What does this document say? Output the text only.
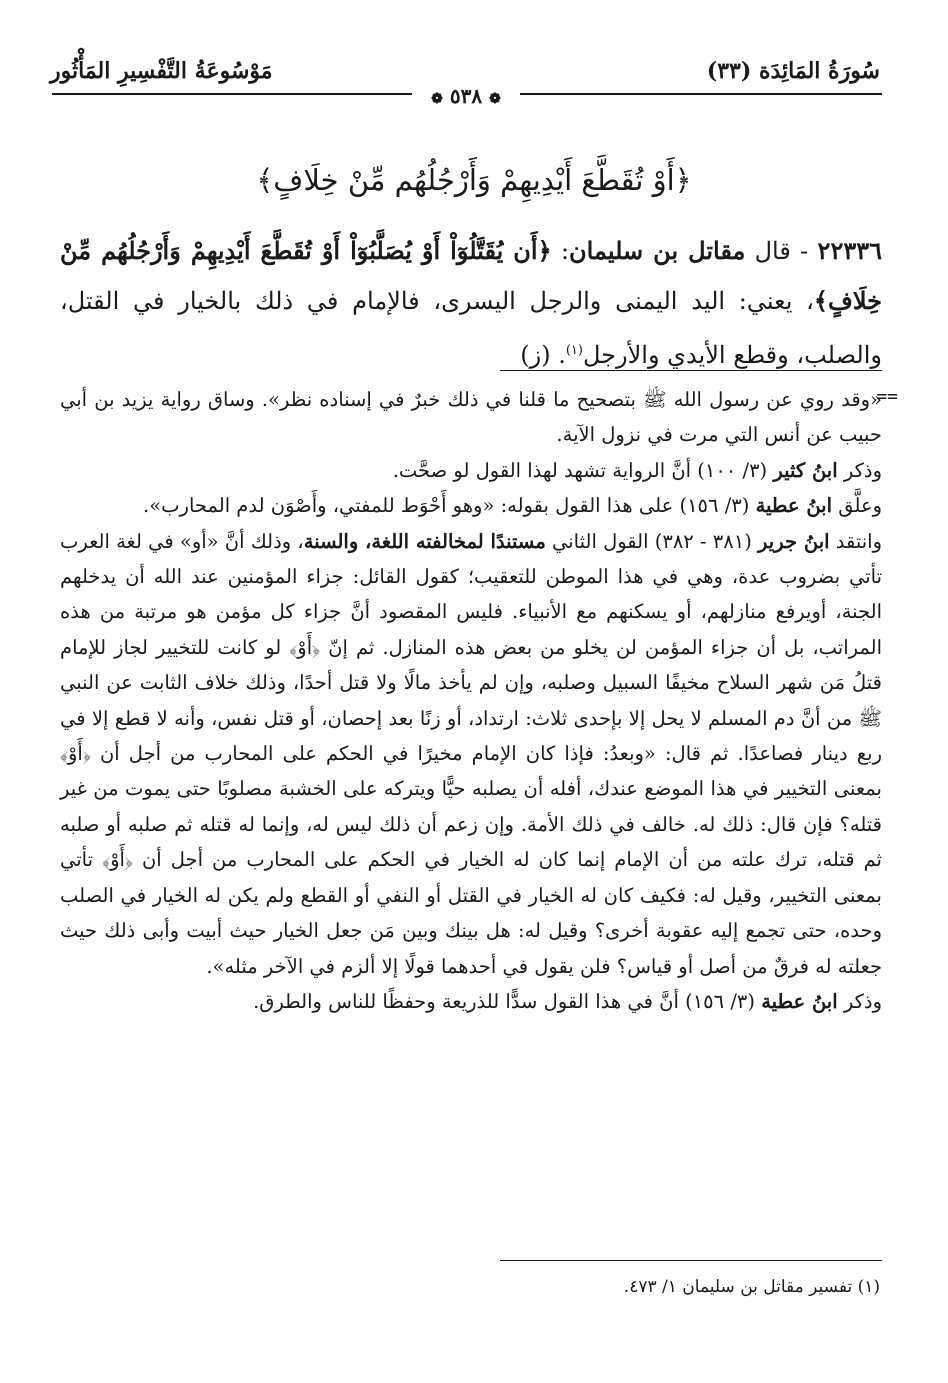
سُورَةُ المَائِدَة (٣٣)
مَوْسُوعَةُ التَّفْسِيرِ المَأْثُور
❁ ٥٣٨ ❁
﴿أَوْ تُقَطَّعَ أَيْدِيهِمْ وَأَرْجُلُهُم مِّنْ خِلَافٍ﴾
٢٢٣٣٦ - قال مقاتل بن سليمان: ﴿أَن يُقَتَّلُوٓاْ أَوْ يُصَلَّبُوٓاْ أَوْ تُقَطَّعَ أَيْدِيهِمْ وَأَرْجُلُهُم مِّنْ خِلَافٍ﴾، يعني: اليد اليمنى والرجل اليسرى، فالإمام في ذلك بالخيار في القتل، والصلب، وقطع الأيدي والأرجل$^{(١)}$. (ز)
==

«وقد روي عن رسول الله ﷺ بتصحيح ما قلنا في ذلك خبرٌ في إسناده نظر». وساق رواية يزيد بن أبي حبيب عن أنس التي مرت في نزول الآية.

وذكر ابنُ كثير (٣/ ١٠٠) أنَّ الرواية تشهد لهذا القول لو صحَّت.

وعلَّق ابنُ عطية (٣/ ١٥٦) على هذا القول بقوله: «وهو أَحْوَط للمفتي، وأَصْوَن لدم المحارب».

وانتقد ابنُ جرير (٣٨١ - ٣٨٢) القول الثاني مستندًا لمخالفته اللغة، والسنة، وذلك أنَّ «أو» في لغة العرب تأتي بضروب عدة، وهي في هذا الموطن للتعقيب؛ كقول القائل: جزاء المؤمنين عند الله أن يدخلهم الجنة، أويرفع منازلهم، أو يسكنهم مع الأنبياء. فليس المقصود أنَّ جزاء كل مؤمن هو مرتبة من هذه المراتب، بل أن جزاء المؤمن لن يخلو من بعض هذه المنازل. ثم إنّ ﴿أَوْ﴾ لو كانت للتخيير لجاز للإمام قتلُ مَن شهر السلاح مخيفًا السبيل وصلبه، وإن لم يأخذ مالًا ولا قتل أحدًا، وذلك خلاف الثابت عن النبي ﷺ من أنَّ دم المسلم لا يحل إلا بإحدى ثلاث: ارتداد، أو زنًا بعد إحصان، أو قتل نفس، وأنه لا قطع إلا في ربع دينار فصاعدًا. ثم قال: «وبعدُ: فإذا كان الإمام مخيرًا في الحكم على المحارب من أجل أن ﴿أَوْ﴾ بمعنى التخيير في هذا الموضع عندك، أفله أن يصلبه حيًّا ويتركه على الخشبة مصلوبًا حتى يموت من غير قتله؟ فإن قال: ذلك له. خالف في ذلك الأمة. وإن زعم أن ذلك ليس له، وإنما له قتله ثم صلبه أو صلبه ثم قتله، ترك علته من أن الإمام إنما كان له الخيار في الحكم على المحارب من أجل أن ﴿أَوْ﴾ تأتي بمعنى التخيير، وقيل له: فكيف كان له الخيار في القتل أو النفي أو القطع ولم يكن له الخيار في الصلب وحده، حتى تجمع إليه عقوبة أخرى؟ وقيل له: هل بينك وبين مَن جعل الخيار حيث أبيت وأبى ذلك حيث جعلته له فرقٌ من أصل أو قياس؟ فلن يقول في أحدهما قولًا إلا ألزم في الآخر مثله».

وذكر ابنُ عطية (٣/ ١٥٦) أنَّ في هذا القول سدًّا للذريعة وحفظًا للناس والطرق.

(١) تفسير مقاتل بن سليمان ١/ ٤٧٣.
